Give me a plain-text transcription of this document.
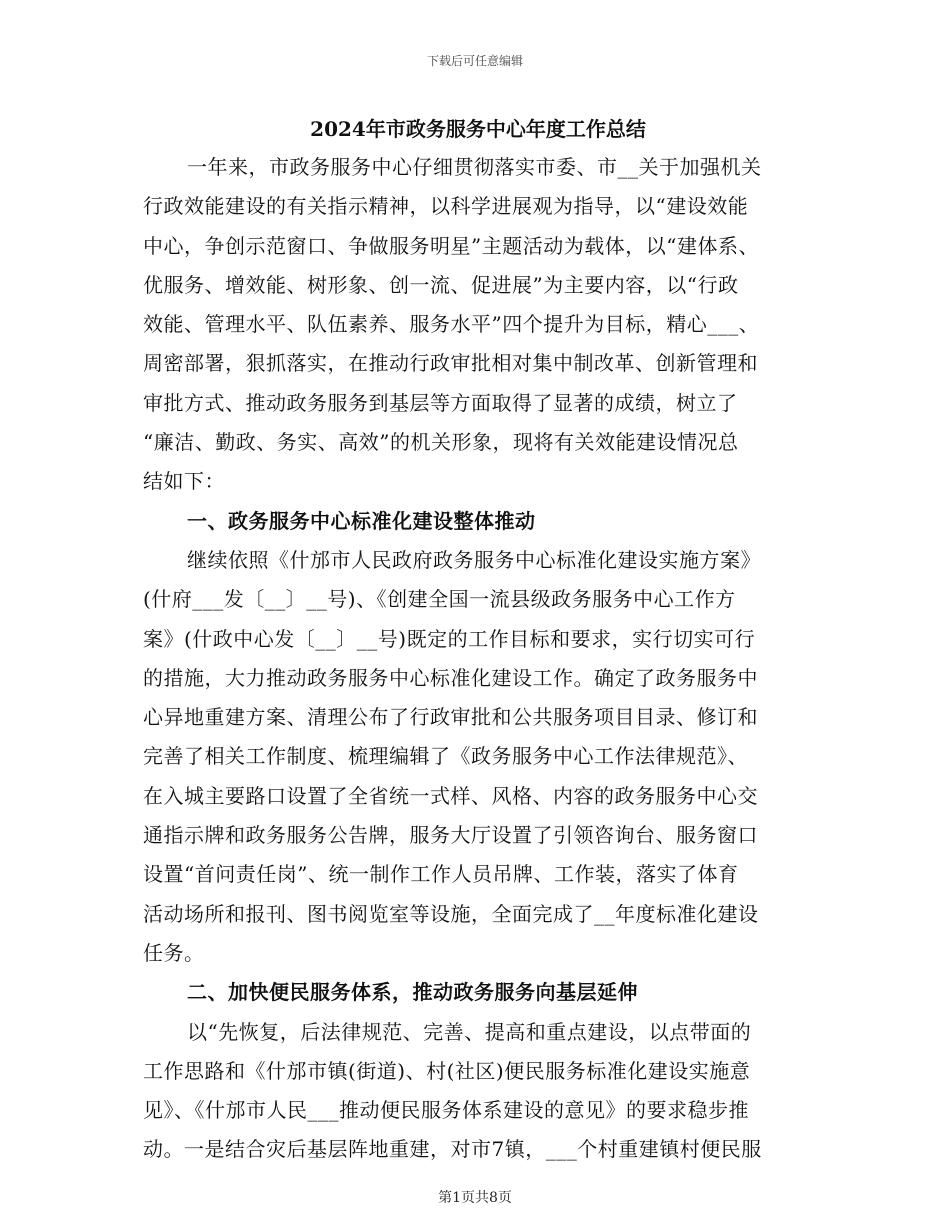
下载后可任意编辑
2024年市政务服务中心年度工作总结
一年来，市政务服务中心仔细贯彻落实市委、市__关于加强机关
行政效能建设的有关指示精神，以科学进展观为指导，以“建设效能
中心，争创示范窗口、争做服务明星”主题活动为载体，以“建体系、
优服务、增效能、树形象、创一流、促进展”为主要内容，以“行政
效能、管理水平、队伍素养、服务水平”四个提升为目标，精心___、
周密部署，狠抓落实，在推动行政审批相对集中制改革、创新管理和
审批方式、推动政务服务到基层等方面取得了显著的成绩，树立了
“廉洁、勤政、务实、高效”的机关形象，现将有关效能建设情况总
结如下：
一、政务服务中心标准化建设整体推动
继续依照《什邡市人民政府政务服务中心标准化建设实施方案》
(什府___发〔__〕__号)、《创建全国一流县级政务服务中心工作方
案》(什政中心发〔__〕__号)既定的工作目标和要求，实行切实可行
的措施，大力推动政务服务中心标准化建设工作。确定了政务服务中
心异地重建方案、清理公布了行政审批和公共服务项目目录、修订和
完善了相关工作制度、梳理编辑了《政务服务中心工作法律规范》、
在入城主要路口设置了全省统一式样、风格、内容的政务服务中心交
通指示牌和政务服务公告牌，服务大厅设置了引领咨询台、服务窗口
设置“首问责任岗”、统一制作工作人员吊牌、工作装，落实了体育
活动场所和报刊、图书阅览室等设施，全面完成了__年度标准化建设
任务。
二、加快便民服务体系，推动政务服务向基层延伸
以“先恢复，后法律规范、完善、提高和重点建设，以点带面的
工作思路和《什邡市镇(街道)、村(社区)便民服务标准化建设实施意
见》、《什邡市人民___推动便民服务体系建设的意见》的要求稳步推
动。一是结合灾后基层阵地重建，对市7镇，___个村重建镇村便民服
第1页共8页
